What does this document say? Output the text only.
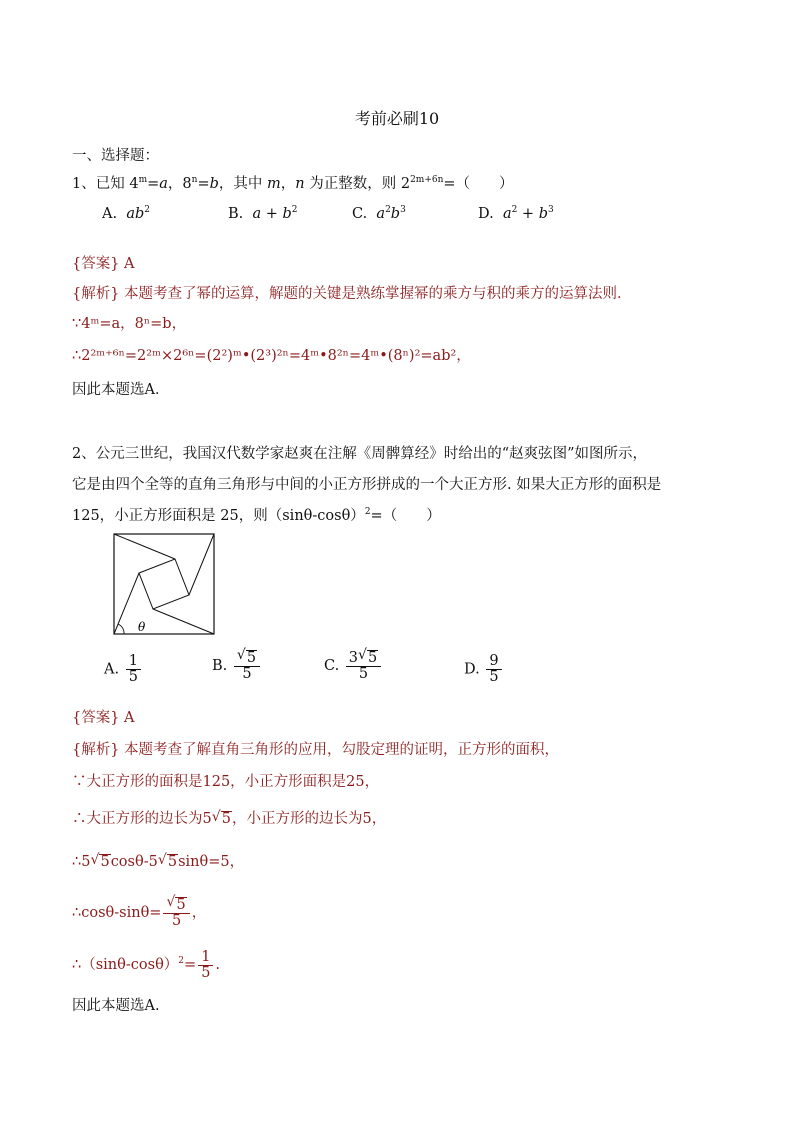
考前必刷10
一、选择题：
1、已知 $4^m=a$，$8^n=b$，其中 m，n 为正整数，则 $2^{2m+6n}=$（　　）
A. $ab^2$	B. $a + b^2$	C. $a^2b^3$	D. $a^2 + b^3$
{答案} A
{解析} 本题考查了幂的运算，解题的关键是熟练掌握幂的乘方与积的乘方的运算法则．
∵4ᵐ=a，8ⁿ=b，
∴2²ᵐ⁺⁶ⁿ=2²ᵐ×2⁶ⁿ=(2²)ᵐ•(2³)²ⁿ=4ᵐ•8²ⁿ=4ᵐ•(8ⁿ)²=ab²，
因此本题选A．
2、公元三世纪，我国汉代数学家赵爽在注解《周髀算经》时给出的“赵爽弦图”如图所示，
它是由四个全等的直角三角形与中间的小正方形拼成的一个大正方形. 如果大正方形的面积是
125，小正方形面积是 25，则$(\sin\theta-\cos\theta)^2=$（　　）
θ
A. $\frac{1}{5}$	B. $\frac{√ 5}{5}$	C. $\frac{3 √ 5}{5}$	D. $\frac{9}{5}$
{答案} A
{解析} 本题考查了解直角三角形的应用，勾股定理的证明，正方形的面积，
∵大正方形的面积是125，小正方形面积是25，
∴大正方形的边长为5 √ 5，小正方形的边长为5，
∴5 √ 5cosθ-5 √ 5sinθ=5，
∴cosθ-sinθ= $\frac{√ 5}{5}$ ，
$\therefore(\sin\theta-\cos\theta)^2= \frac{1}{5}$ .
因此本题选A.
